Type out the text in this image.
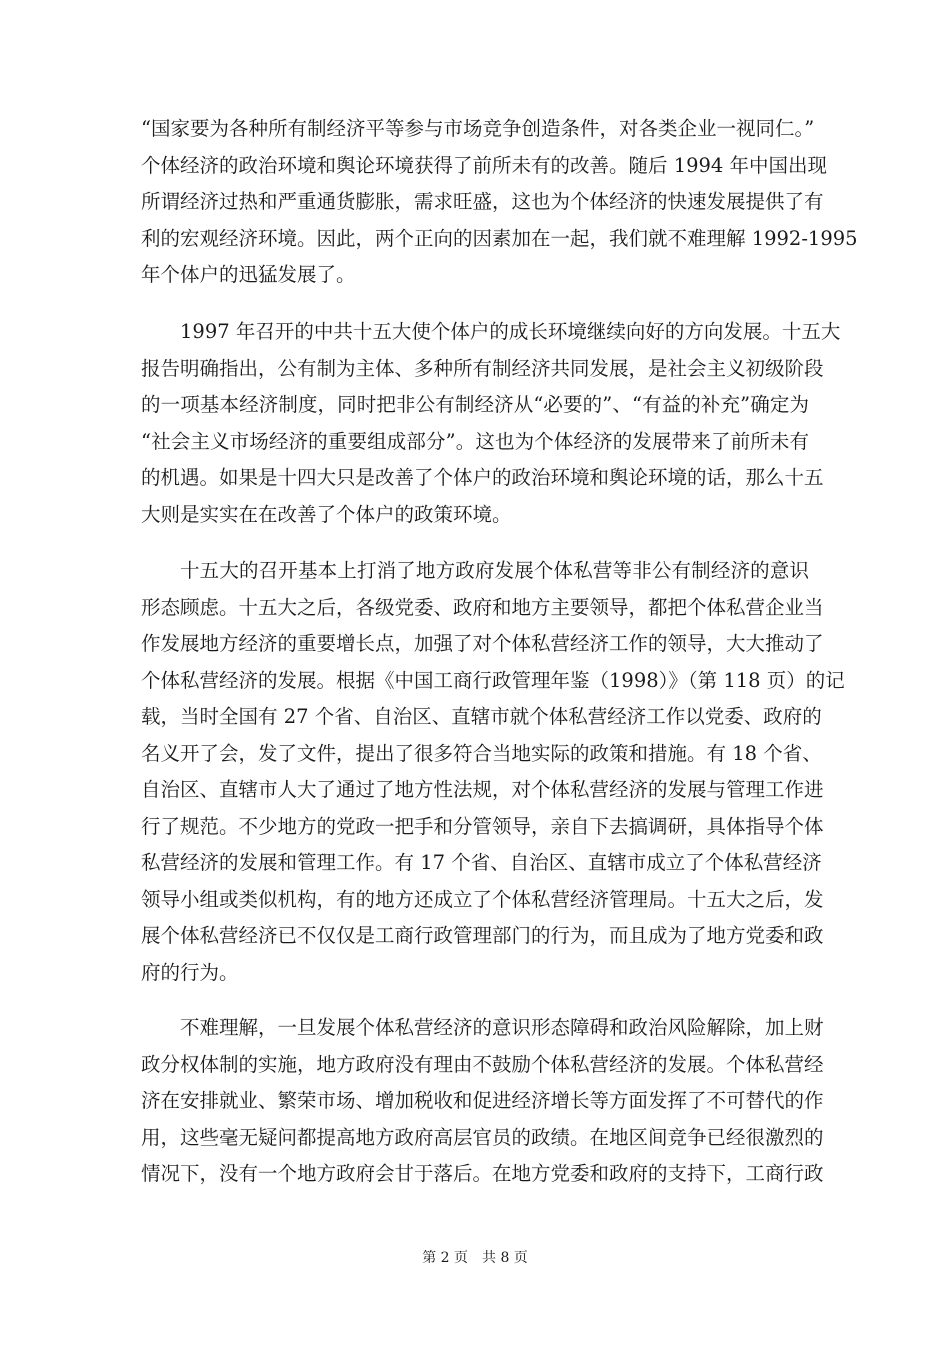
“国家要为各种所有制经济平等参与市场竞争创造条件，对各类企业一视同仁。”
个体经济的政治环境和舆论环境获得了前所未有的改善。随后 1994 年中国出现
所谓经济过热和严重通货膨胀，需求旺盛，这也为个体经济的快速发展提供了有
利的宏观经济环境。因此，两个正向的因素加在一起，我们就不难理解 1992-1995
年个体户的迅猛发展了。
1997 年召开的中共十五大使个体户的成长环境继续向好的方向发展。十五大
报告明确指出，公有制为主体、多种所有制经济共同发展，是社会主义初级阶段
的一项基本经济制度，同时把非公有制经济从“必要的”、“有益的补充”确定为
“社会主义市场经济的重要组成部分”。这也为个体经济的发展带来了前所未有
的机遇。如果是十四大只是改善了个体户的政治环境和舆论环境的话，那么十五
大则是实实在在改善了个体户的政策环境。
十五大的召开基本上打消了地方政府发展个体私营等非公有制经济的意识
形态顾虑。十五大之后，各级党委、政府和地方主要领导，都把个体私营企业当
作发展地方经济的重要增长点，加强了对个体私营经济工作的领导，大大推动了
个体私营经济的发展。根据《中国工商行政管理年鉴（1998）》（第 118 页）的记
载，当时全国有 27 个省、自治区、直辖市就个体私营经济工作以党委、政府的
名义开了会，发了文件，提出了很多符合当地实际的政策和措施。有 18 个省、
自治区、直辖市人大了通过了地方性法规，对个体私营经济的发展与管理工作进
行了规范。不少地方的党政一把手和分管领导，亲自下去搞调研，具体指导个体
私营经济的发展和管理工作。有 17 个省、自治区、直辖市成立了个体私营经济
领导小组或类似机构，有的地方还成立了个体私营经济管理局。十五大之后，发
展个体私营经济已不仅仅是工商行政管理部门的行为，而且成为了地方党委和政
府的行为。
不难理解，一旦发展个体私营经济的意识形态障碍和政治风险解除，加上财
政分权体制的实施，地方政府没有理由不鼓励个体私营经济的发展。个体私营经
济在安排就业、繁荣市场、增加税收和促进经济增长等方面发挥了不可替代的作
用，这些毫无疑问都提高地方政府高层官员的政绩。在地区间竞争已经很激烈的
情况下，没有一个地方政府会甘于落后。在地方党委和政府的支持下，工商行政
第 2 页 共 8 页
